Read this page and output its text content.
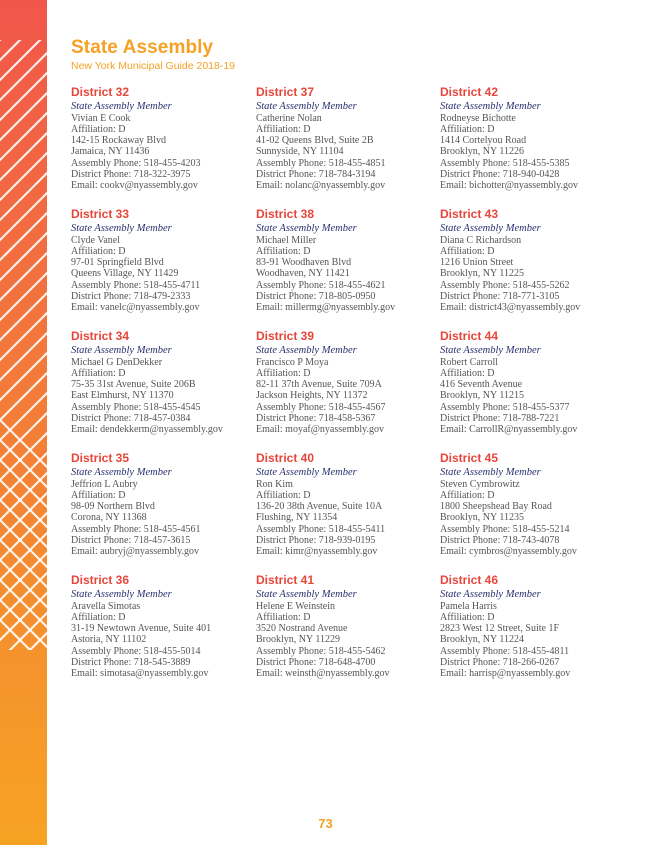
State Assembly
New York Municipal Guide 2018-19
District 32
State Assembly Member
Vivian E Cook
Affiliation: D
142-15 Rockaway Blvd
Jamaica, NY 11436
Assembly Phone: 518-455-4203
District Phone: 718-322-3975
Email: cookv@nyassembly.gov
District 37
State Assembly Member
Catherine Nolan
Affiliation: D
41-02 Queens Blvd, Suite 2B
Sunnyside, NY 11104
Assembly Phone: 518-455-4851
District Phone: 718-784-3194
Email: nolanc@nyassembly.gov
District 42
State Assembly Member
Rodneyse Bichotte
Affiliation: D
1414 Cortelyou Road
Brooklyn, NY 11226
Assembly Phone: 518-455-5385
District Phone: 718-940-0428
Email: bichotter@nyassembly.gov
District 33
State Assembly Member
Clyde Vanel
Affiliation: D
97-01 Springfield Blvd
Queens Village, NY 11429
Assembly Phone: 518-455-4711
District Phone: 718-479-2333
Email: vanelc@nyassembly.gov
District 38
State Assembly Member
Michael Miller
Affiliation: D
83-91 Woodhaven Blvd
Woodhaven, NY 11421
Assembly Phone: 518-455-4621
District Phone: 718-805-0950
Email: millermg@nyassembly.gov
District 43
State Assembly Member
Diana C Richardson
Affiliation: D
1216 Union Street
Brooklyn, NY 11225
Assembly Phone: 518-455-5262
District Phone: 718-771-3105
Email: district43@nyassembly.gov
District 34
State Assembly Member
Michael G DenDekker
Affiliation: D
75-35 31st Avenue, Suite 206B
East Elmhurst, NY 11370
Assembly Phone: 518-455-4545
District Phone: 718-457-0384
Email: dendekkerm@nyassembly.gov
District 39
State Assembly Member
Francisco P Moya
Affiliation: D
82-11 37th Avenue, Suite 709A
Jackson Heights, NY 11372
Assembly Phone: 518-455-4567
District Phone: 718-458-5367
Email: moyaf@nyassembly.gov
District 44
State Assembly Member
Robert Carroll
Affiliation: D
416 Seventh Avenue
Brooklyn, NY 11215
Assembly Phone: 518-455-5377
District Phone: 718-788-7221
Email: CarrollR@nyassembly.gov
District 35
State Assembly Member
Jeffrion L Aubry
Affiliation: D
98-09 Northern Blvd
Corona, NY 11368
Assembly Phone: 518-455-4561
District Phone: 718-457-3615
Email: aubryj@nyassembly.gov
District 40
State Assembly Member
Ron Kim
Affiliation: D
136-20 38th Avenue, Suite 10A
Flushing, NY 11354
Assembly Phone: 518-455-5411
District Phone: 718-939-0195
Email: kimr@nyassembly.gov
District 45
State Assembly Member
Steven Cymbrowitz
Affiliation: D
1800 Sheepshead Bay Road
Brooklyn, NY 11235
Assembly Phone: 518-455-5214
District Phone: 718-743-4078
Email: cymbros@nyassembly.gov
District 36
State Assembly Member
Aravella Simotas
Affiliation: D
31-19 Newtown Avenue, Suite 401
Astoria, NY 11102
Assembly Phone: 518-455-5014
District Phone: 718-545-3889
Email: simotasa@nyassembly.gov
District 41
State Assembly Member
Helene E Weinstein
Affiliation: D
3520 Nostrand Avenue
Brooklyn, NY 11229
Assembly Phone: 518-455-5462
District Phone: 718-648-4700
Email: weinsth@nyassembly.gov
District 46
State Assembly Member
Pamela Harris
Affiliation: D
2823 West 12 Street, Suite 1F
Brooklyn, NY 11224
Assembly Phone: 518-455-4811
District Phone: 718-266-0267
Email: harrisp@nyassembly.gov
73
